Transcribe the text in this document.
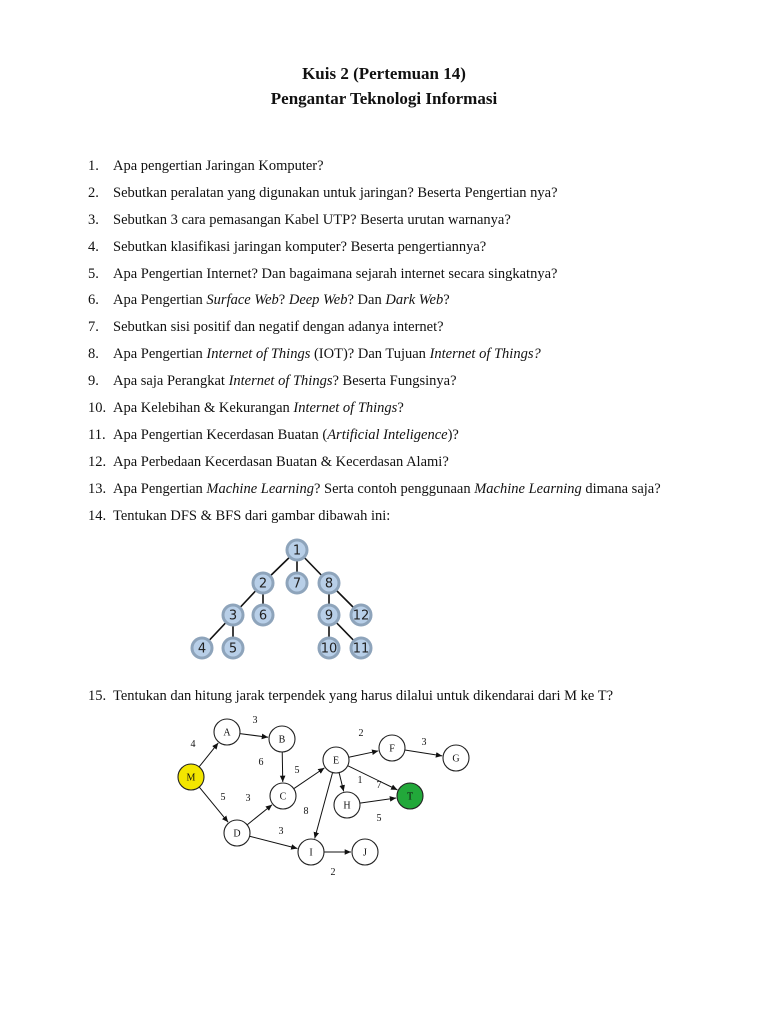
Kuis 2 (Pertemuan 14)
Pengantar Teknologi Informasi
1. Apa pengertian Jaringan Komputer?
2. Sebutkan peralatan yang digunakan untuk jaringan? Beserta Pengertian nya?
3. Sebutkan 3 cara pemasangan Kabel UTP? Beserta urutan warnanya?
4. Sebutkan klasifikasi jaringan komputer? Beserta pengertiannya?
5. Apa Pengertian Internet? Dan bagaimana sejarah internet secara singkatnya?
6. Apa Pengertian Surface Web? Deep Web? Dan Dark Web?
7. Sebutkan sisi positif dan negatif dengan adanya internet?
8. Apa Pengertian Internet of Things (IOT)? Dan Tujuan Internet of Things?
9. Apa saja Perangkat Internet of Things? Beserta Fungsinya?
10. Apa Kelebihan & Kekurangan Internet of Things?
11. Apa Pengertian Kecerdasan Buatan (Artificial Inteligence)?
12. Apa Perbedaan Kecerdasan Buatan & Kecerdasan Alami?
13. Apa Pengertian Machine Learning? Serta contoh penggunaan Machine Learning dimana saja?
14. Tentukan DFS & BFS dari gambar dibawah ini:
15. Tentukan dan hitung jarak terpendek yang harus dilalui untuk dikendarai dari M ke T?
1
2 7 8
3 6	9 12
4 5	10 11
4
3
6
5 3
5
2
3
1 7
5
8
3
2
M
A
B
C
D
E
F
G
H
T
I	J
